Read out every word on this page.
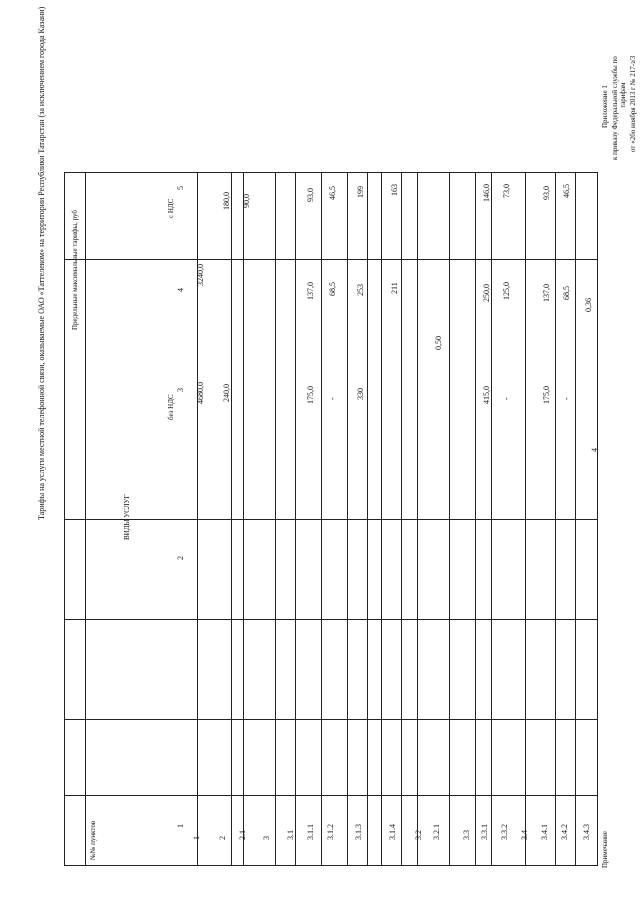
Приложение 1 к приказу Федеральной службы по тарифам от «2бо ноября 2013 г № 217-з/3
Тарифы на услуги местной телефонной связи, оказываемые ОАО «Таттелеком» на территории Республики Татарстан (за исключением города Казани)
№№ пунктов
ВИДЫ УСЛУГ
Предельные максимальные тарифы, руб
без НДС
с НДС
1
2
3
4
5
1 2 2.1 3 3.1 3.1.1 3.1.2 3.1.3	3.1.4 3.2 3.2.1	3.3 3.3.1 3.3.2 3.4 3.4.1 3.4.2 3.4.3
4680,0
3240,0
240,0
180,0 90,0
175,0
137,0
93,0
-
68,5
46,5
330
253
199
211
163
0,50
415,0
250,0
146,0
-
125,0
73,0
175,0
137,0
93,0
-
68,5
46,5
0,36
Примечание
4
